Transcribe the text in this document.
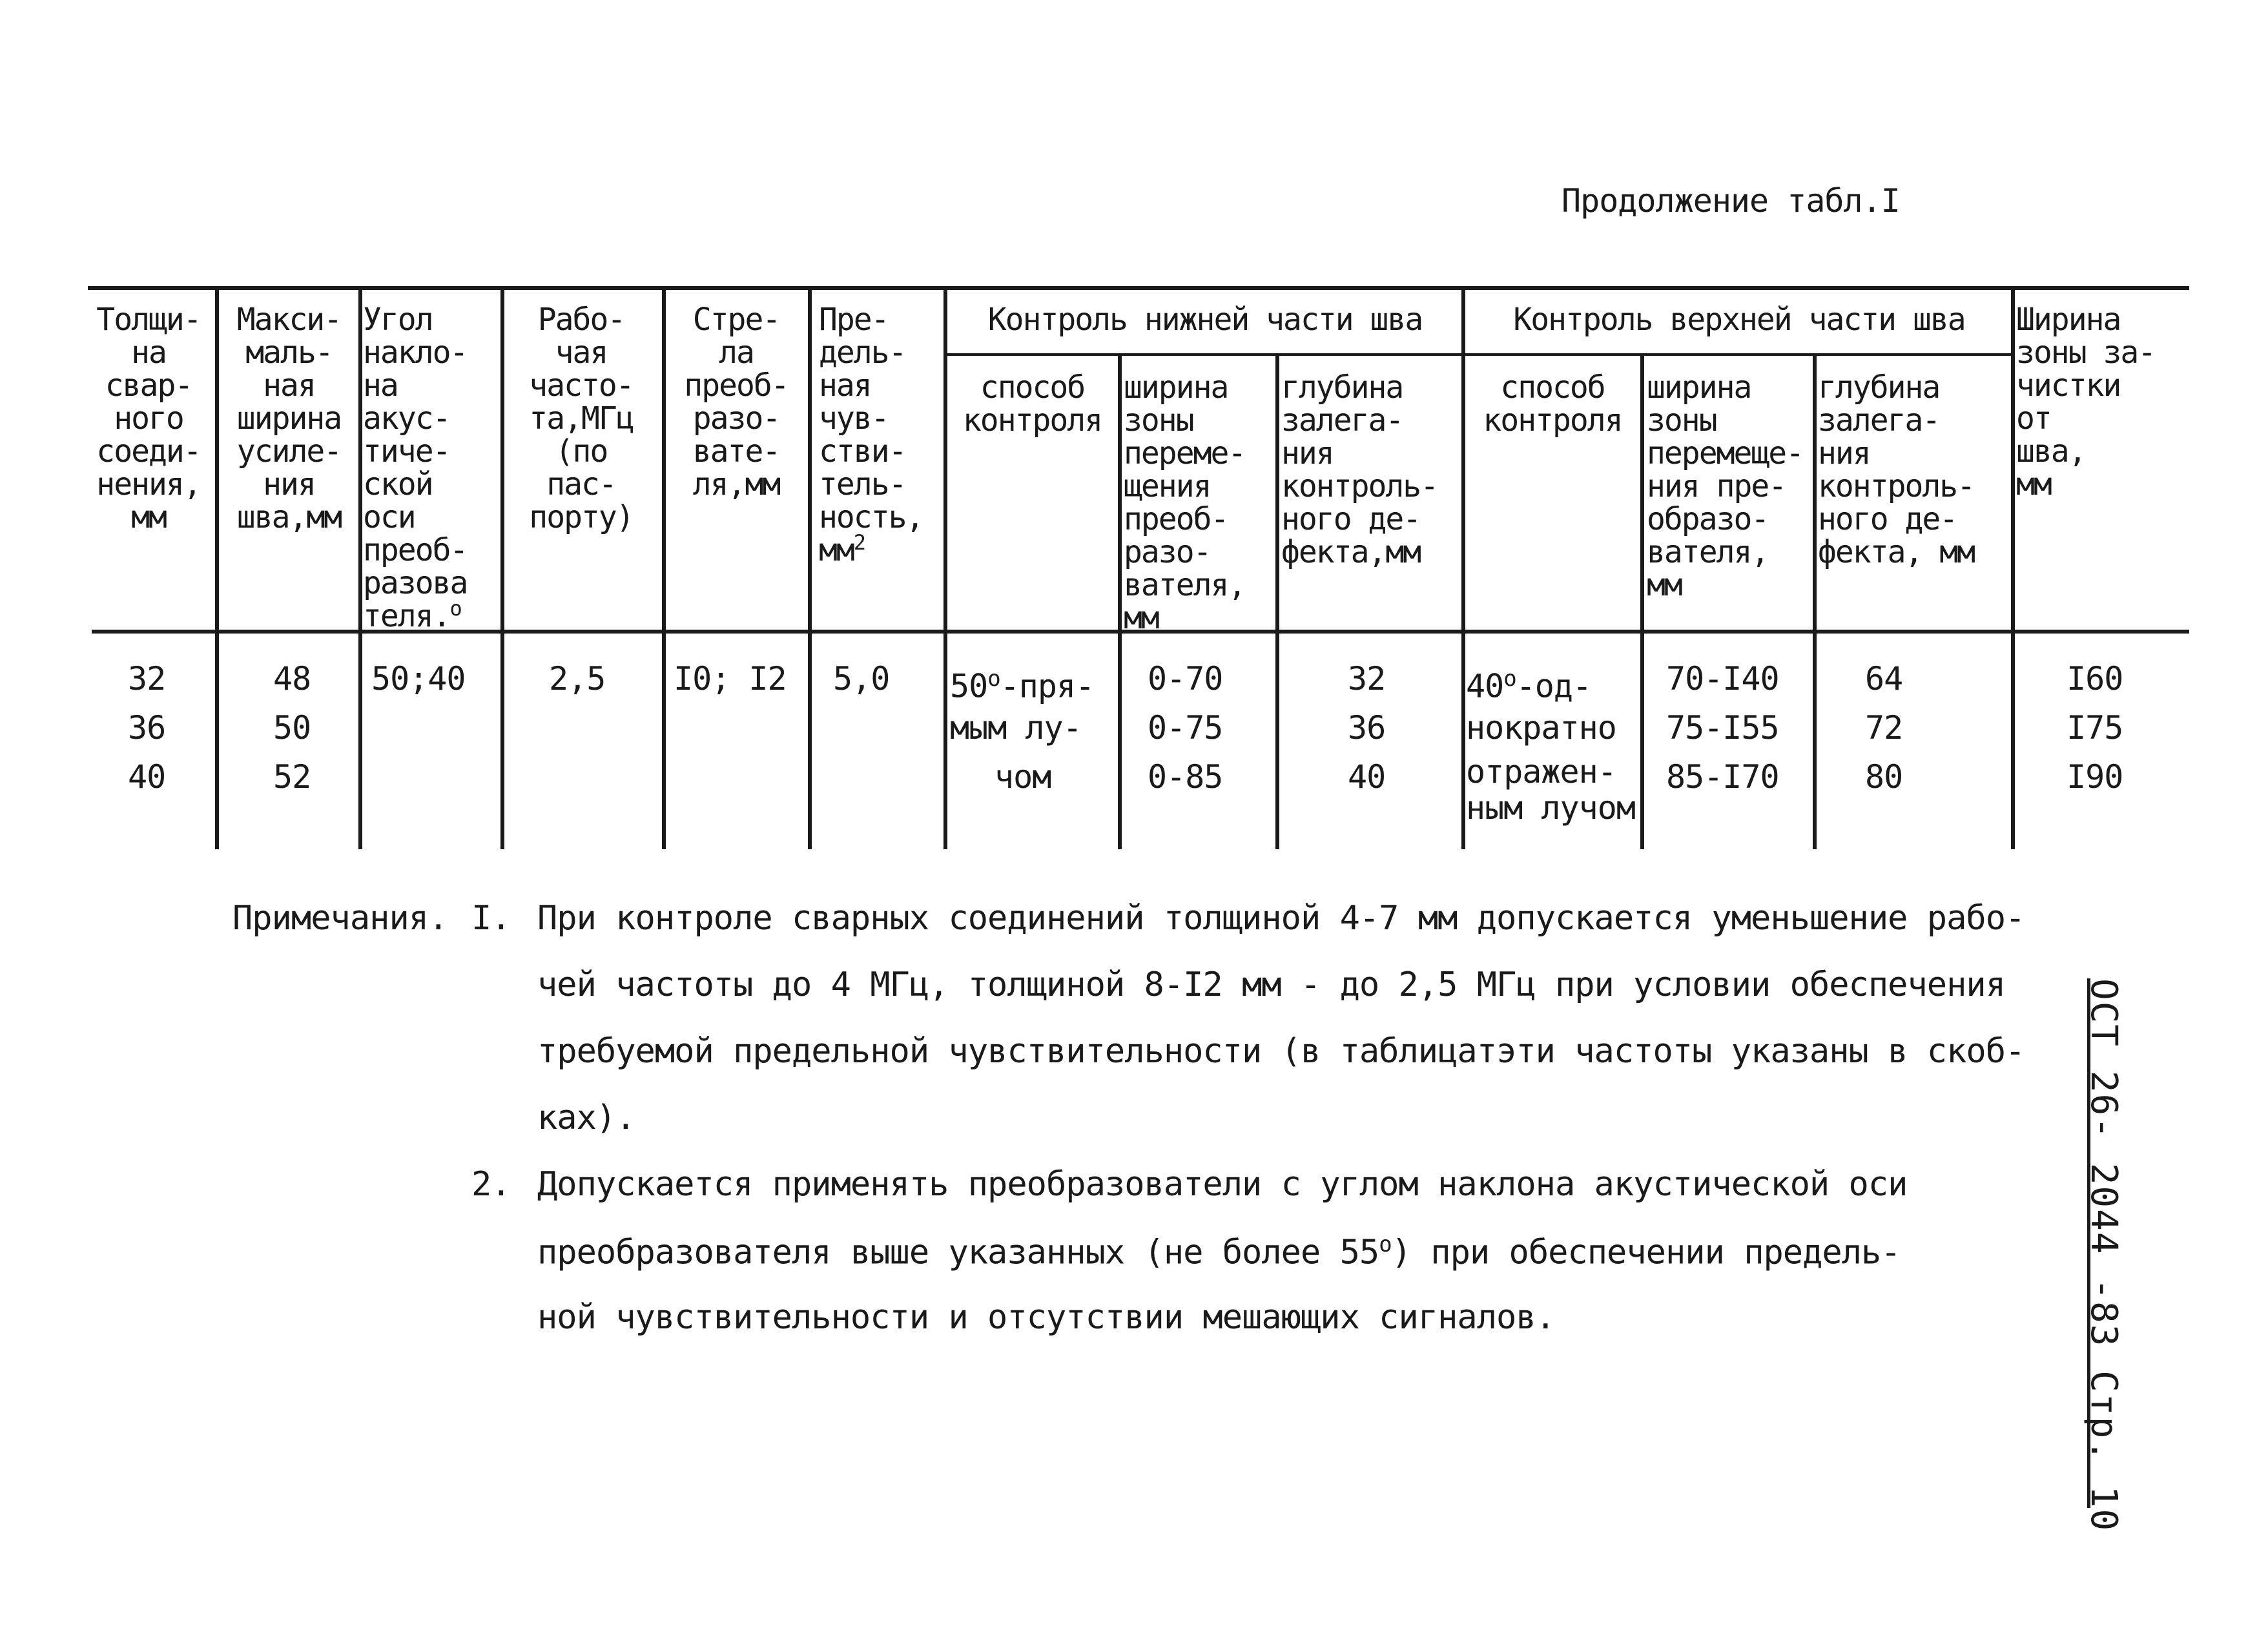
Продолжение табл.I
Толщи-
на
свар-
ного
соеди-
нения,
мм
Макси-
маль-
ная
ширина
усиле-
ния
шва,мм
Угол
накло-
на
акус-
тиче-
ской
оси
преоб-
разова
теля.$^о$
Рабо-
чая
часто-
та,МГц
(по
пас-
порту)
Стре-
ла
преоб-
разо-
вате-
ля,мм
Пре-
дель-
ная
чув-
стви-
тель-
ность,
$мм^2$
Контроль нижней части шва
способ
контроля
ширина
зоны
переме-
щения
преоб-
разо-
вателя,
мм
глубина
залега-
ния
контроль-
ного де-
фекта,мм
Контроль верхней части шва
способ
контроля
ширина
зоны
перемеще-
ния пре-
образо-
вателя,
мм
глубина
залега-
ния
контроль-
ного де-
фекта, мм
Ширина
зоны за-
чистки
от
шва,
мм
32
36
40
48
50
52
50;40	2,5 I0; I2 5,0 $50^о-пря-$
мым лу-
чом
0-70
0-75
0-85
32
36
40
$40^о-од-$
нократно
отражен-
ным лучом
70-I40
75-I55
85-I70
64
72
80
I60
I75
I90
Примечания. I. При контроле сварных соединений толщиной 4-7 мм допускается уменьшение рабо-
чей частоты до 4 МГц, толщиной 8-I2 мм - до 2,5 МГц при условии обеспечения
требуемой предельной чувствительности (в таблицатэти частоты указаны в скоб-
ках).
2. Допускается применять преобразователи с углом наклона акустической оси
преобразователя выше указанных (не более $55^о$) при обеспечении предель-
ной чувствительности и отсутствии мешающих сигналов.	ОСТ 26- 2044 -83 Стр. 10
